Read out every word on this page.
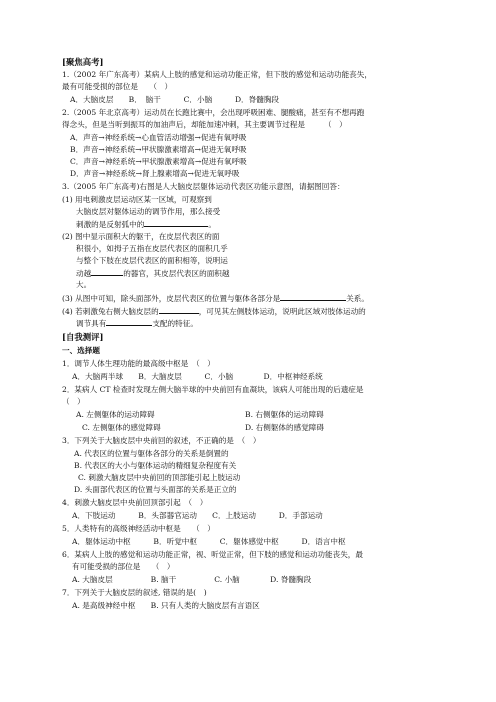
[聚焦高考]
1.（2002 年广东高考）某病人上肢的感觉和运动功能正常，但下肢的感觉和运动功能丧失，
最有可能受损的部位是　　（　）
A．大脑皮层　　B．　脑干　　　C．小脑　　　D．脊髓胸段
2.（2005 年北京高考）运动员在长跑比赛中，会出现呼吸困难、腿酸痛，甚至有不想再跑
得念头，但是当听到振耳的加油声后，却能加速冲刺，其主要调节过程是　　　（　）
A．声音→神经系统→心血管活动增强→促进有氧呼吸
B．声音→神经系统→甲状腺激素增高→促进无氧呼吸
C．声音→神经系统→甲状腺激素增高→促进有氧呼吸
D．声音→神经系统→肾上腺素增高→促进无氧呼吸
3.（2005 年广东高考)右图是人大脑皮层躯体运动代表区功能示意图，请据图回答：
(1) 用电刺激皮层运动区某一区域，可观察到
大脑皮层对躯体运动的调节作用，那么接受
刺激的是反射弧中的	。
(2) 图中显示面积大的躯干，在皮层代表区的面
积很小，如拇子五指在皮层代表区的面积几乎
与整个下肢在皮层代表区的面积相等，说明运
动越	的器官，其皮层代表区的面积越
大。
(3) 从图中可知，除头面部外，皮层代表区的位置与躯体各部分是	关系。
(4) 若刺激兔右侧大脑皮层的	，可见其左侧肢体运动，说明此区域对肢体运动的
调节具有	支配的特征。
[自我测评]
一、选择题
1．调节人体生理功能的最高级中枢是　（　）
A．大脑两半球　　B．大脑皮层　　　C．小脑　　　　D．中枢神经系统
2．某病人 CT 检查时发现左侧大脑半球的中央前回有血凝块，该病人可能出现的后遗症是
（　）
A. 左侧躯体的运动障碍	B. 右侧躯体的运动障碍
C. 左侧躯体的感觉障碍	D. 右侧躯体的感觉障碍
3．下列关于大脑皮层中央前回的叙述，不正确的是　（　）
A. 代表区的位置与躯体各部分的关系是倒置的
B. 代表区的大小与躯体运动的精细复杂程度有关
C. 刺激大脑皮层中央前回的顶部能引起上肢运动
D. 头面部代表区的位置与头面部的关系是正立的
4．刺激大脑皮层中央前回顶部引起　（　）
A．下肢运动　　　B．头部器官运动　　C．上肢运动　　　D．手部运动
5．人类特有的高级神经活动中枢是　　（　）
A．躯体运动中枢　　　B．听觉中枢　　　C．躯体感觉中枢　　　D．语言中枢
6．某病人上肢的感觉和运动功能正常，视、听觉正常，但下肢的感觉和运动功能丧失，最
有可能受损的部位是　　（　）
A. 大脑皮层　　　　　B. 脑干　　　　　C. 小脑　　　　D. 脊髓胸段
7．下列关于大脑皮层的叙述, 错误的是(　)
A. 是高级神经中枢　　B. 只有人类的大脑皮层有言语区
